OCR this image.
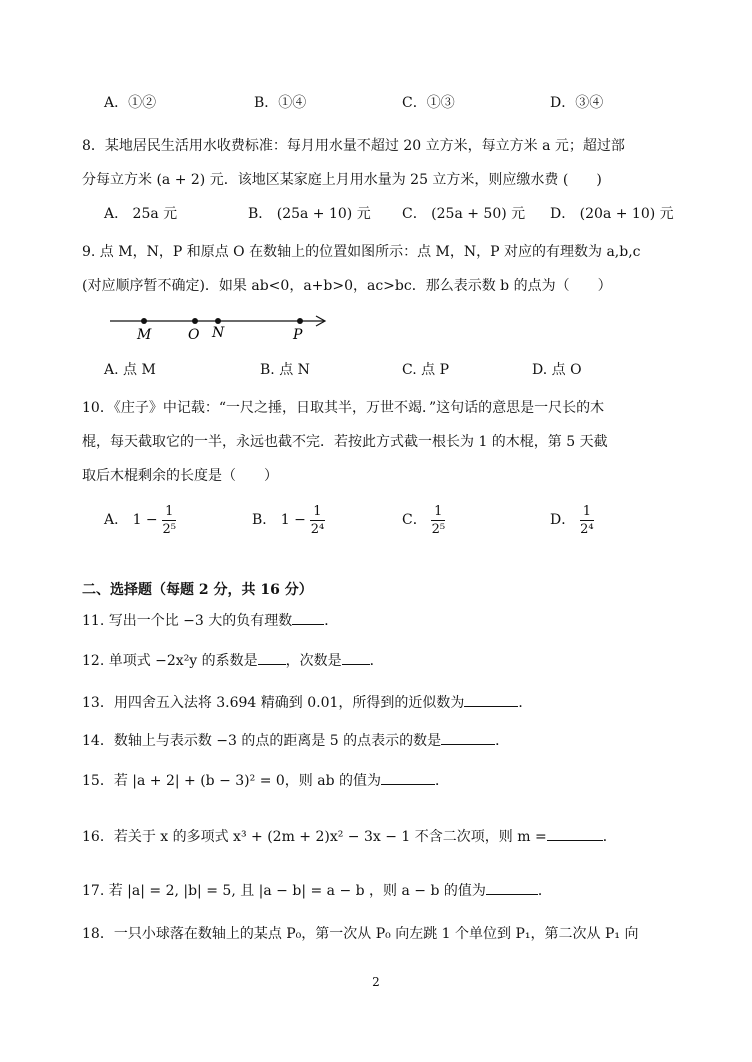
A．①②	B．①④	C．①③	D．③④
8．某地居民生活用水收费标准：每月用水量不超过 20 立方米，每立方米 a 元；超过部
分每立方米 (a + 2) 元．该地区某家庭上月用水量为 25 立方米，则应缴水费 (　　)
A． 25a 元	B． (25a + 10) 元 C． (25a + 50) 元 D． (20a + 10) 元
9. 点 M，N，P 和原点 O 在数轴上的位置如图所示：点 M，N，P 对应的有理数为 a,b,c
(对应顺序暂不确定)．如果 ab<0，a+b>0，ac>bc．那么表示数 b 的点为（　　）
M	O N	P
A. 点 M	B. 点 N	C. 点 P	D. 点 O
10．《庄子》中记载：“一尺之捶，日取其半，万世不竭．”这句话的意思是一尺长的木
棍，每天截取它的一半，永远也截不完．若按此方式截一根长为 1 的木棍，第 5 天截
取后木棍剩余的长度是（　　）
A． $1 - \frac{1}{\text{2⁵}}$	B． $1 - \frac{1}{\text{2⁴}}$	C． $\frac{1}{\text{2⁵}}$	D． $\frac{1}{\text{2⁴}}$
二、选择题（每题 2 分，共 16 分）
11. 写出一个比 −3 大的负有理数 ．
12. 单项式 −2x²y 的系数是 ，次数是 ．
13．用四舍五入法将 3.694 精确到 0.01，所得到的近似数为	．
14．数轴上与表示数 −3 的点的距离是 5 的点表示的数是	．
15．若 |a + 2| + (b − 3)² = 0，则 ab 的值为	．
16．若关于 x 的多项式 x³ + (2m + 2)x² − 3x − 1 不含二次项，则 m =	．
17. 若 |a| = 2, |b| = 5, 且 |a − b| = a − b ，则 a − b 的值为	．
18．一只小球落在数轴上的某点 P₀，第一次从 P₀ 向左跳 1 个单位到 P₁，第二次从 P₁ 向
2
